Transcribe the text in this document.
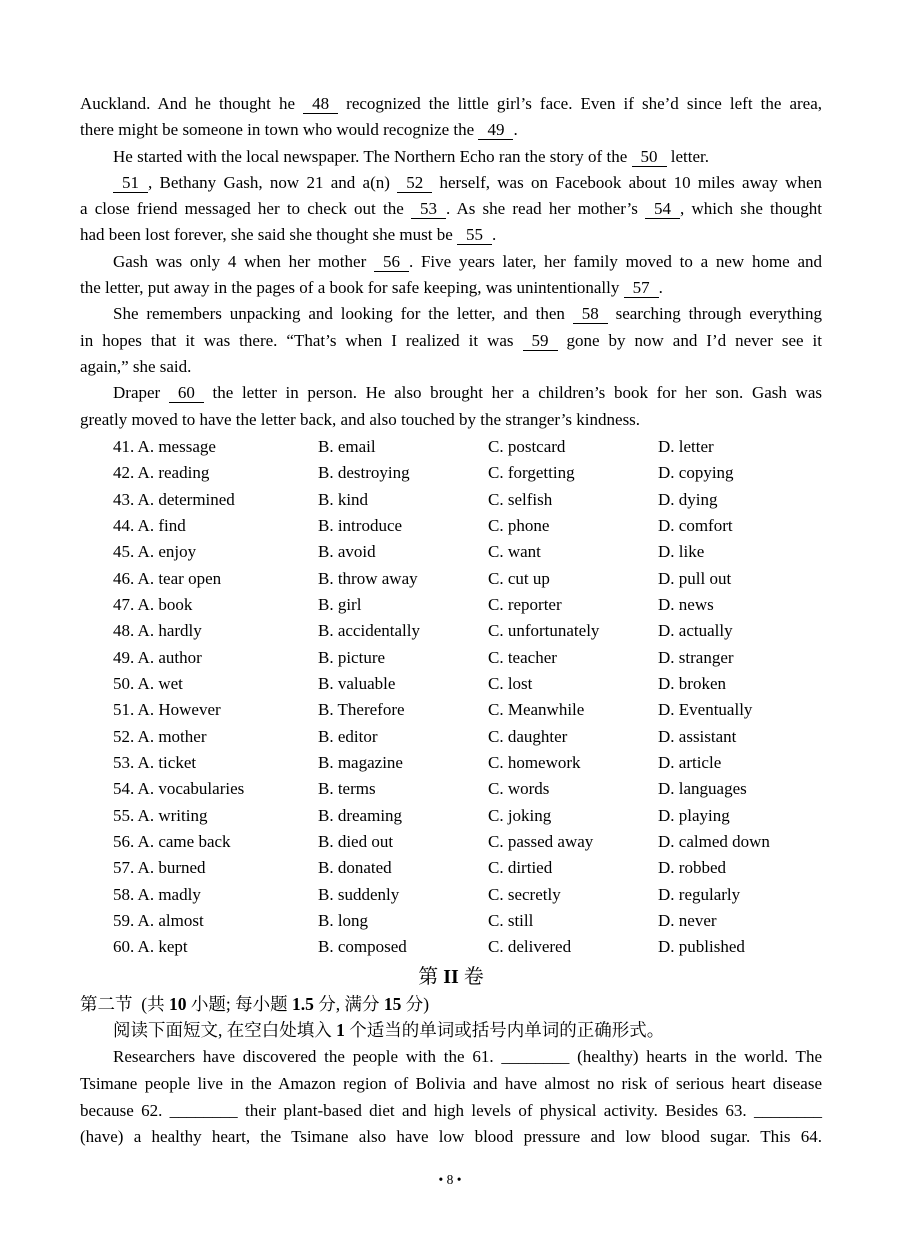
Auckland. And he thought he 48 recognized the little girl’s face. Even if she’d since left the area,
there might be someone in town who would recognize the 49 .
He started with the local newspaper. The Northern Echo ran the story of the 50 letter.
51 , Bethany Gash, now 21 and a(n) 52 herself, was on Facebook about 10 miles away when
a close friend messaged her to check out the 53 . As she read her mother’s 54 , which she thought
had been lost forever, she said she thought she must be 55 .
Gash was only 4 when her mother 56 . Five years later, her family moved to a new home and
the letter, put away in the pages of a book for safe keeping, was unintentionally 57 .
She remembers unpacking and looking for the letter, and then 58 searching through everything
in hopes that it was there. “That’s when I realized it was 59 gone by now and I’d never see it
again,” she said.
Draper 60 the letter in person. He also brought her a children’s book for her son. Gash was
greatly moved to have the letter back, and also touched by the stranger’s kindness.
41. A. message	B. email	C. postcard	D. letter
42. A. reading	B. destroying	C. forgetting	D. copying
43. A. determined	B. kind	C. selfish	D. dying
44. A. find	B. introduce	C. phone	D. comfort
45. A. enjoy	B. avoid	C. want	D. like
46. A. tear open	B. throw away	C. cut up	D. pull out
47. A. book	B. girl	C. reporter	D. news
48. A. hardly	B. accidentally	C. unfortunately	D. actually
49. A. author	B. picture	C. teacher	D. stranger
50. A. wet	B. valuable	C. lost	D. broken
51. A. However	B. Therefore	C. Meanwhile	D. Eventually
52. A. mother	B. editor	C. daughter	D. assistant
53. A. ticket	B. magazine	C. homework	D. article
54. A. vocabularies	B. terms	C. words	D. languages
55. A. writing	B. dreaming	C. joking	D. playing
56. A. came back	B. died out	C. passed away	D. calmed down
57. A. burned	B. donated	C. dirtied	D. robbed
58. A. madly	B. suddenly	C. secretly	D. regularly
59. A. almost	B. long	C. still	D. never
60. A. kept	B. composed	C. delivered	D. published
第 II 卷
第二节  (共 10 小题; 每小题 1.5 分, 满分 15 分)
阅读下面短文, 在空白处填入 1 个适当的单词或括号内单词的正确形式。
Researchers have discovered the people with the 61. ________ (healthy) hearts in the world. The
Tsimane people live in the Amazon region of Bolivia and have almost no risk of serious heart disease
because 62. ________ their plant-based diet and high levels of physical activity. Besides 63. ________
(have) a healthy heart, the Tsimane also have low blood pressure and low blood sugar. This 64.
• 8 •
